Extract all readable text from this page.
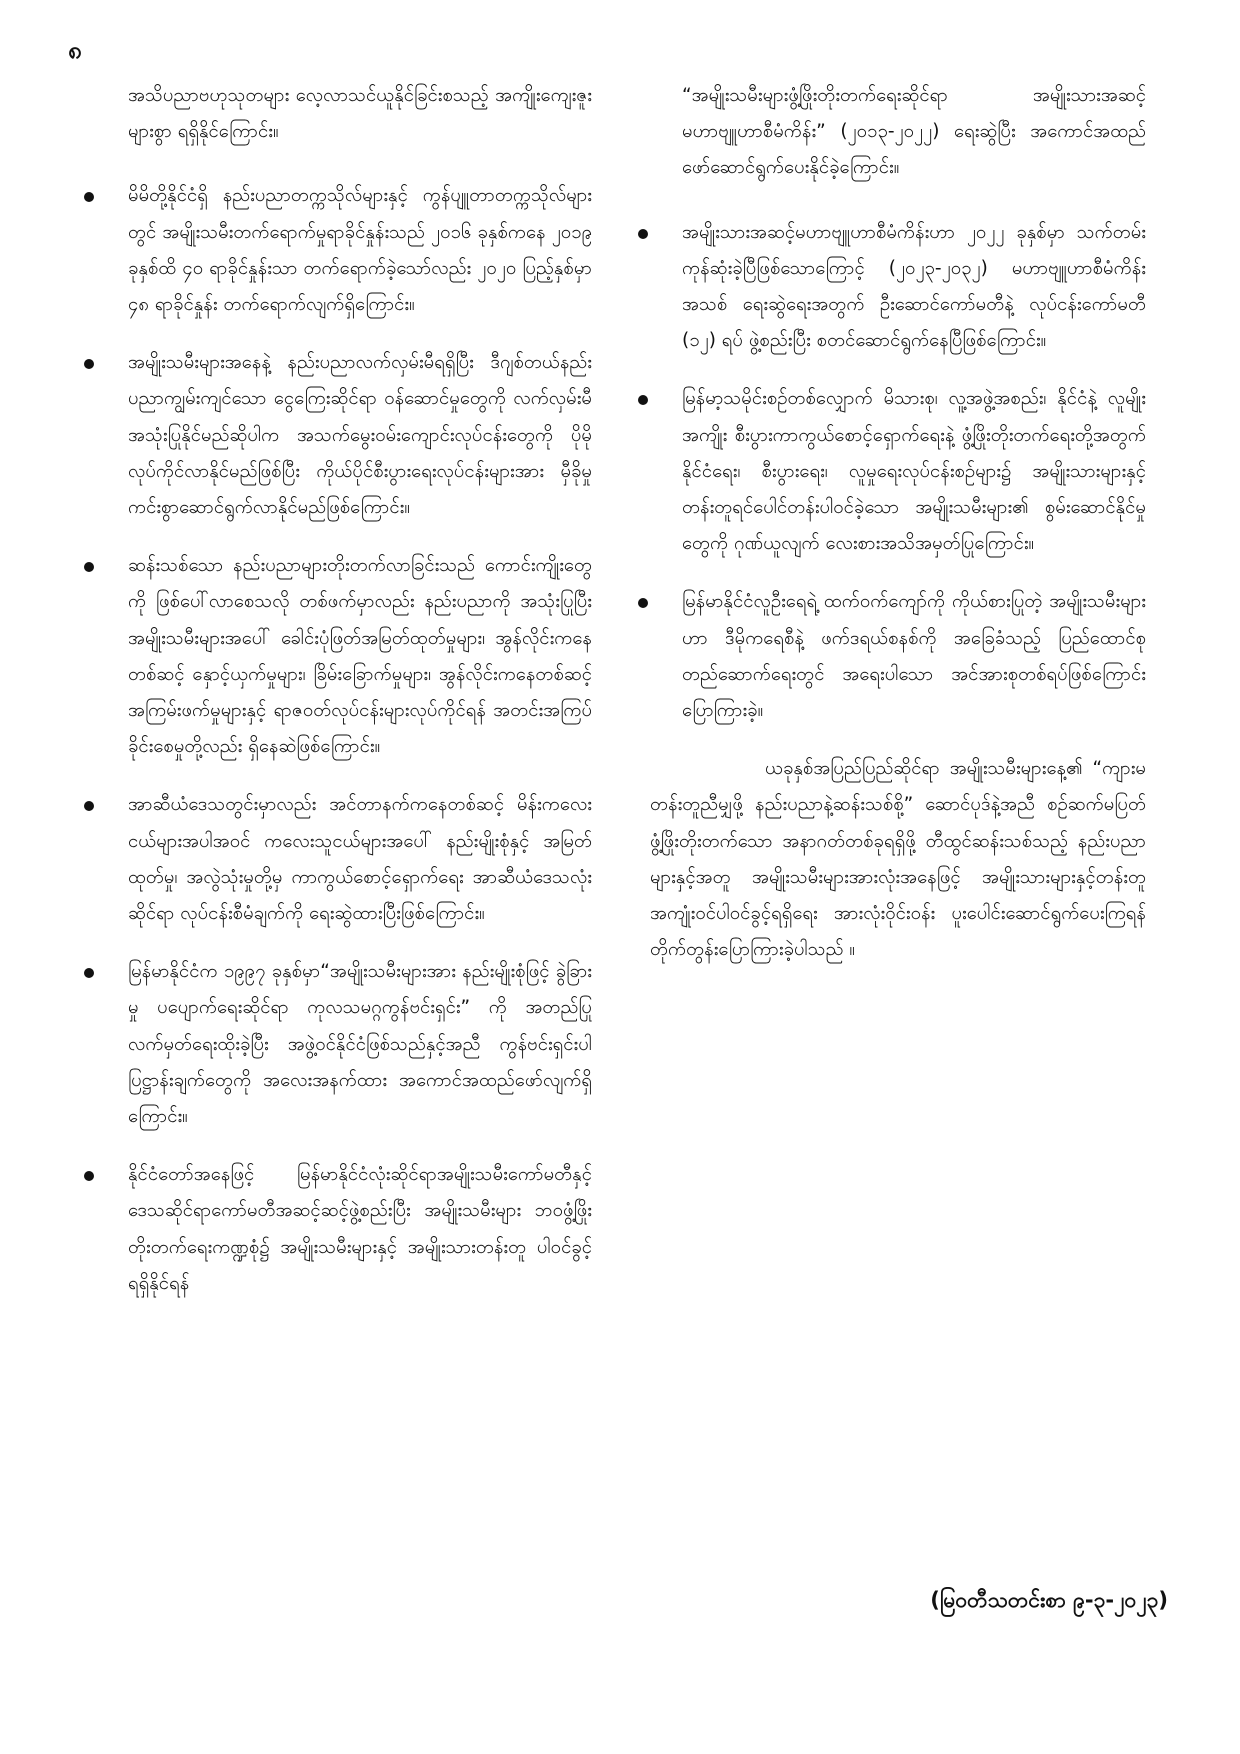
၈

အသိပညာဗဟုသုတများ လေ့လာသင်ယူနိုင်ခြင်းစသည့် အကျိုးကျေးဇူးများစွာ ရရှိနိုင်ကြောင်း။

မိမိတို့နိုင်ငံရှိ နည်းပညာတက္ကသိုလ်များနှင့် ကွန်ပျူတာတက္ကသိုလ်များတွင် အမျိုးသမီးတက်ရောက်မှုရာခိုင်နှုန်းသည် ၂၀၁၆ ခုနှစ်ကနေ ၂၀၁၉ ခုနှစ်ထိ ၄၀ ရာခိုင်နှုန်းသာ တက်ရောက်ခဲ့သော်လည်း ၂၀၂၀ ပြည့်နှစ်မှာ ၄၈ ရာခိုင်နှုန်း တက်ရောက်လျက်ရှိကြောင်း။

အမျိုးသမီးများအနေနဲ့ နည်းပညာလက်လှမ်းမီရရှိပြီး ဒီဂျစ်တယ်နည်းပညာကျွမ်းကျင်သော ငွေကြေးဆိုင်ရာ ဝန်ဆောင်မှုတွေကို လက်လှမ်းမီအသုံးပြုနိုင်မည်ဆိုပါက အသက်မွေးဝမ်းကျောင်းလုပ်ငန်းတွေကို ပိုမိုလုပ်ကိုင်လာနိုင်မည်ဖြစ်ပြီး ကိုယ်ပိုင်စီးပွားရေးလုပ်ငန်းများအား မှီခိုမှုကင်းစွာဆောင်ရွက်လာနိုင်မည်ဖြစ်ကြောင်း။

ဆန်းသစ်သော နည်းပညာများတိုးတက်လာခြင်းသည် ကောင်းကျိုးတွေကို ဖြစ်ပေါ်လာစေသလို တစ်ဖက်မှာလည်း နည်းပညာကို အသုံးပြုပြီး အမျိုးသမီးများအပေါ် ခေါင်းပုံဖြတ်အမြတ်ထုတ်မှုများ၊ အွန်လိုင်းကနေတစ်ဆင့် နှောင့်ယှက်မှုများ၊ ခြိမ်းခြောက်မှုများ၊ အွန်လိုင်းကနေတစ်ဆင့် အကြမ်းဖက်မှုများနှင့် ရာဇဝတ်လုပ်ငန်းများလုပ်ကိုင်ရန် အတင်းအကြပ်ခိုင်းစေမှုတို့လည်း ရှိနေဆဲဖြစ်ကြောင်း။

အာဆီယံဒေသတွင်းမှာလည်း အင်တာနက်ကနေတစ်ဆင့် မိန်းကလေးငယ်များအပါအဝင် ကလေးသူငယ်များအပေါ် နည်းမျိုးစုံနှင့် အမြတ်ထုတ်မှု၊ အလွဲသုံးမှုတို့မှ ကာကွယ်စောင့်ရှောက်ရေး အာဆီယံဒေသလုံးဆိုင်ရာ လုပ်ငန်းစီမံချက်ကို ရေးဆွဲထားပြီးဖြစ်ကြောင်း။

မြန်မာနိုင်ငံက ၁၉၉၇ ခုနှစ်မှာ“အမျိုးသမီးများအား နည်းမျိုးစုံဖြင့် ခွဲခြားမှု ပပျောက်ရေးဆိုင်ရာ ကုလသမဂ္ဂကွန်ဗင်းရှင်း” ကို အတည်ပြုလက်မှတ်ရေးထိုးခဲ့ပြီး အဖွဲ့ဝင်နိုင်ငံဖြစ်သည်နှင့်အညီ ကွန်ဗင်းရှင်းပါ ပြဋ္ဌာန်းချက်တွေကို အလေးအနက်ထား အကောင်အထည်ဖော်လျက်ရှိကြောင်း။

နိုင်ငံတော်အနေဖြင့် မြန်မာနိုင်ငံလုံးဆိုင်ရာအမျိုးသမီးကော်မတီနှင့် ဒေသဆိုင်ရာကော်မတီအဆင့်ဆင့်ဖွဲ့စည်းပြီး အမျိုးသမီးများ ဘဝဖွံ့ဖြိုးတိုးတက်ရေးကဏ္ဍစုံ၌ အမျိုးသမီးများနှင့် အမျိုးသားတန်းတူ ပါဝင်ခွင့်ရရှိနိုင်ရန်

“အမျိုးသမီးများဖွံ့ဖြိုးတိုးတက်ရေးဆိုင်ရာ အမျိုးသားအဆင့် မဟာဗျူဟာစီမံကိန်း” (၂၀၁၃-၂၀၂၂) ရေးဆွဲပြီး အကောင်အထည် ဖော်ဆောင်ရွက်ပေးနိုင်ခဲ့ကြောင်း။

အမျိုးသားအဆင့်မဟာဗျူဟာစီမံကိန်းဟာ ၂၀၂၂ ခုနှစ်မှာ သက်တမ်းကုန်ဆုံးခဲ့ပြီဖြစ်သောကြောင့် (၂၀၂၃-၂၀၃၂) မဟာဗျူဟာစီမံကိန်းအသစ် ရေးဆွဲရေးအတွက် ဦးဆောင်ကော်မတီနဲ့ လုပ်ငန်းကော်မတီ (၁၂) ရပ် ဖွဲ့စည်းပြီး စတင်ဆောင်ရွက်နေပြီဖြစ်ကြောင်း။

မြန်မာ့သမိုင်းစဉ်တစ်လျှောက် မိသားစု၊ လူ့အဖွဲ့အစည်း၊ နိုင်ငံနဲ့ လူမျိုးအကျိုး စီးပွားကာကွယ်စောင့်ရှောက်ရေးနဲ့ ဖွံ့ဖြိုးတိုးတက်ရေးတို့အတွက် နိုင်ငံရေး၊ စီးပွားရေး၊ လူမှုရေးလုပ်ငန်းစဉ်များ၌ အမျိုးသားများနှင့် တန်းတူရင်ပေါင်တန်းပါဝင်ခဲ့သော အမျိုးသမီးများ၏ စွမ်းဆောင်နိုင်မှုတွေကို ဂုဏ်ယူလျက် လေးစားအသိအမှတ်ပြုကြောင်း။

မြန်မာနိုင်ငံလူဦးရေရဲ့ ထက်ဝက်ကျော်ကို ကိုယ်စားပြုတဲ့ အမျိုးသမီးများဟာ ဒီမိုကရေစီနဲ့ ဖက်ဒရယ်စနစ်ကို အခြေခံသည့် ပြည်ထောင်စုတည်ဆောက်ရေးတွင် အရေးပါသော အင်အားစုတစ်ရပ်ဖြစ်ကြောင်းပြောကြားခဲ့။

ယခုနှစ်အပြည်ပြည်ဆိုင်ရာ အမျိုးသမီးများနေ့၏ “ကျားမတန်းတူညီမျှဖို့ နည်းပညာနဲ့ဆန်းသစ်စို့” ဆောင်ပုဒ်နဲ့အညီ စဉ်ဆက်မပြတ် ဖွံ့ဖြိုးတိုးတက်သော အနာဂတ်တစ်ခုရရှိဖို့ တီထွင်ဆန်းသစ်သည့် နည်းပညာများနှင့်အတူ အမျိုးသမီးများအားလုံးအနေဖြင့် အမျိုးသားများနှင့်တန်းတူ အကျုံးဝင်ပါဝင်ခွင့်ရရှိရေး အားလုံးဝိုင်းဝန်း ပူးပေါင်းဆောင်ရွက်ပေးကြရန် တိုက်တွန်းပြောကြားခဲ့ပါသည် ။

(မြဝတီသတင်းစာ ၉-၃-၂၀၂၃)
